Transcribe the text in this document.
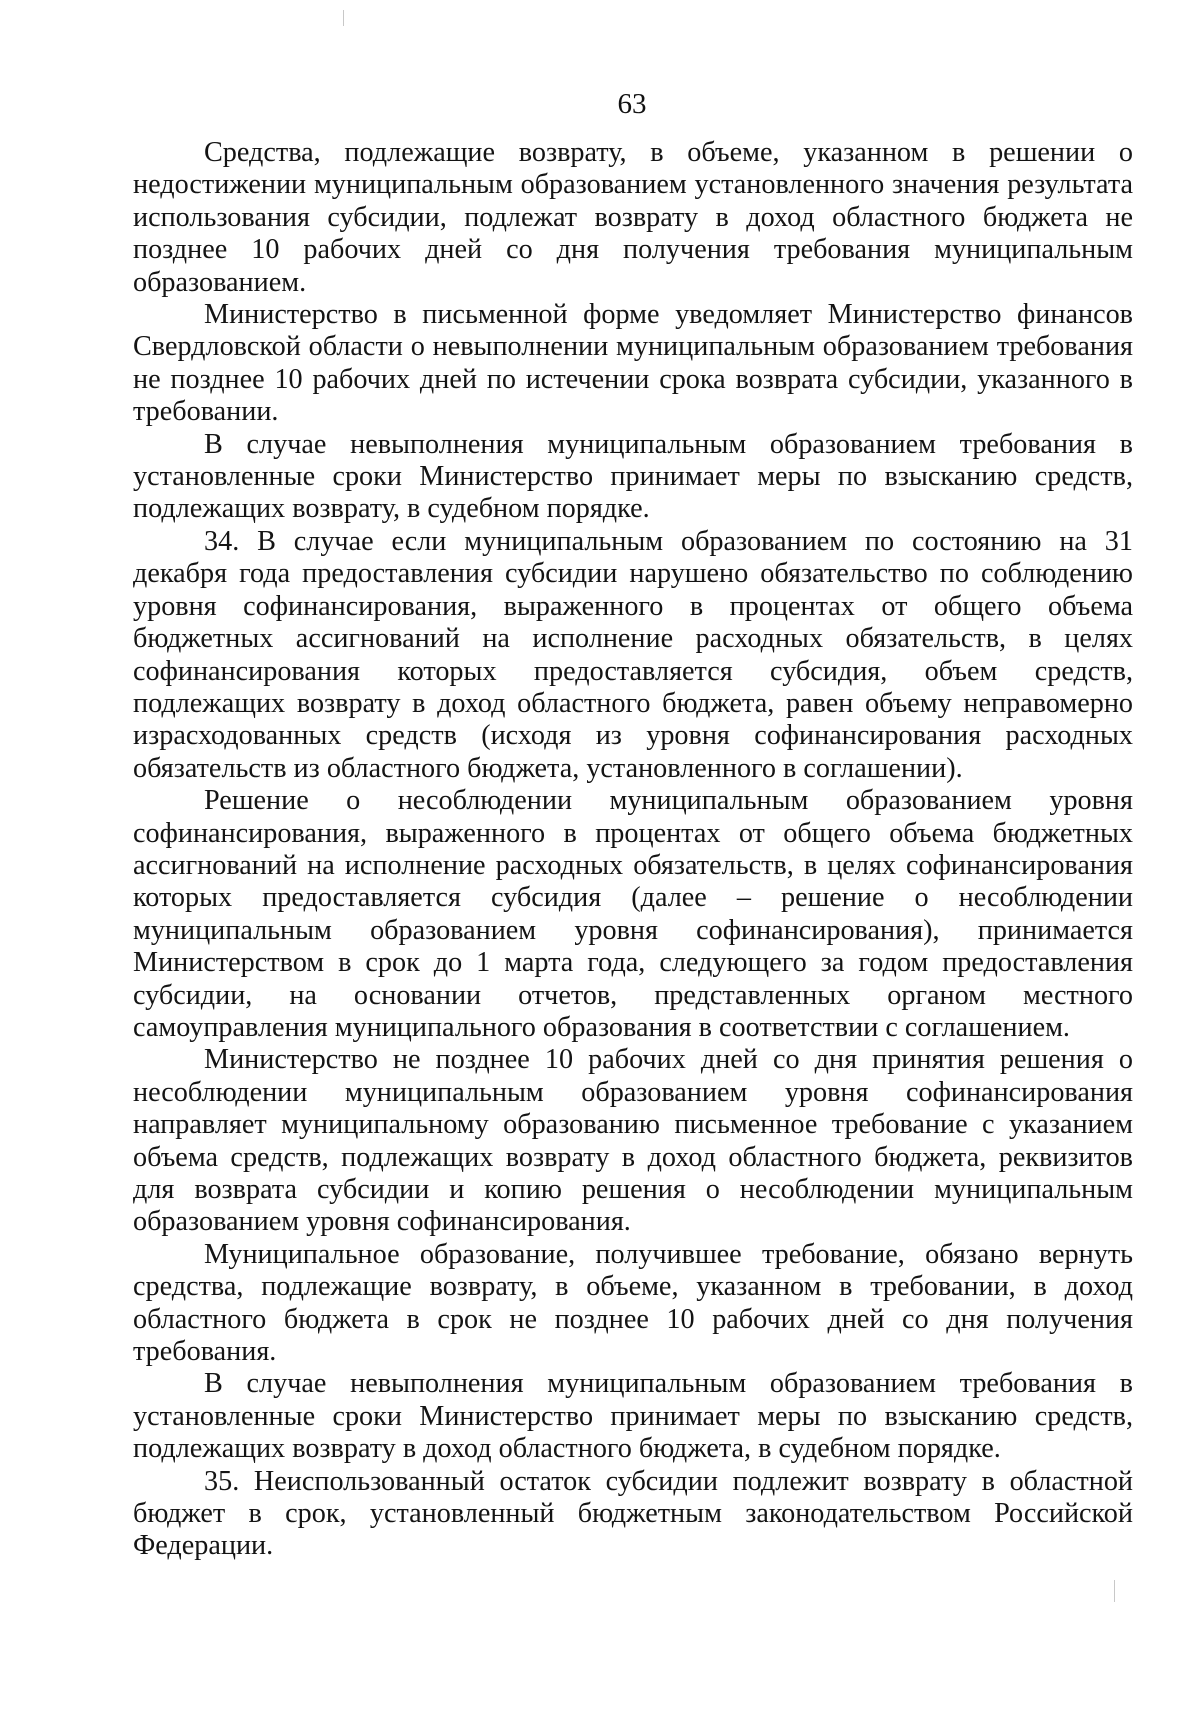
63

Средства, подлежащие возврату, в объеме, указанном в решении о недостижении муниципальным образованием установленного значения результата использования субсидии, подлежат возврату в доход областного бюджета не позднее 10 рабочих дней со дня получения требования муниципальным образованием.

Министерство в письменной форме уведомляет Министерство финансов Свердловской области о невыполнении муниципальным образованием требования не позднее 10 рабочих дней по истечении срока возврата субсидии, указанного в требовании.

В случае невыполнения муниципальным образованием требования в установленные сроки Министерство принимает меры по взысканию средств, подлежащих возврату, в судебном порядке.

34. В случае если муниципальным образованием по состоянию на 31 декабря года предоставления субсидии нарушено обязательство по соблюдению уровня софинансирования, выраженного в процентах от общего объема бюджетных ассигнований на исполнение расходных обязательств, в целях софинансирования которых предоставляется субсидия, объем средств, подлежащих возврату в доход областного бюджета, равен объему неправомерно израсходованных средств (исходя из уровня софинансирования расходных обязательств из областного бюджета, установленного в соглашении).

Решение о несоблюдении муниципальным образованием уровня софинансирования, выраженного в процентах от общего объема бюджетных ассигнований на исполнение расходных обязательств, в целях софинансирования которых предоставляется субсидия (далее – решение о несоблюдении муниципальным образованием уровня софинансирования), принимается Министерством в срок до 1 марта года, следующего за годом предоставления субсидии, на основании отчетов, представленных органом местного самоуправления муниципального образования в соответствии с соглашением.

Министерство не позднее 10 рабочих дней со дня принятия решения о несоблюдении муниципальным образованием уровня софинансирования направляет муниципальному образованию письменное требование с указанием объема средств, подлежащих возврату в доход областного бюджета, реквизитов для возврата субсидии и копию решения о несоблюдении муниципальным образованием уровня софинансирования.

Муниципальное образование, получившее требование, обязано вернуть средства, подлежащие возврату, в объеме, указанном в требовании, в доход областного бюджета в срок не позднее 10 рабочих дней со дня получения требования.

В случае невыполнения муниципальным образованием требования в установленные сроки Министерство принимает меры по взысканию средств, подлежащих возврату в доход областного бюджета, в судебном порядке.

35. Неиспользованный остаток субсидии подлежит возврату в областной бюджет в срок, установленный бюджетным законодательством Российской Федерации.
